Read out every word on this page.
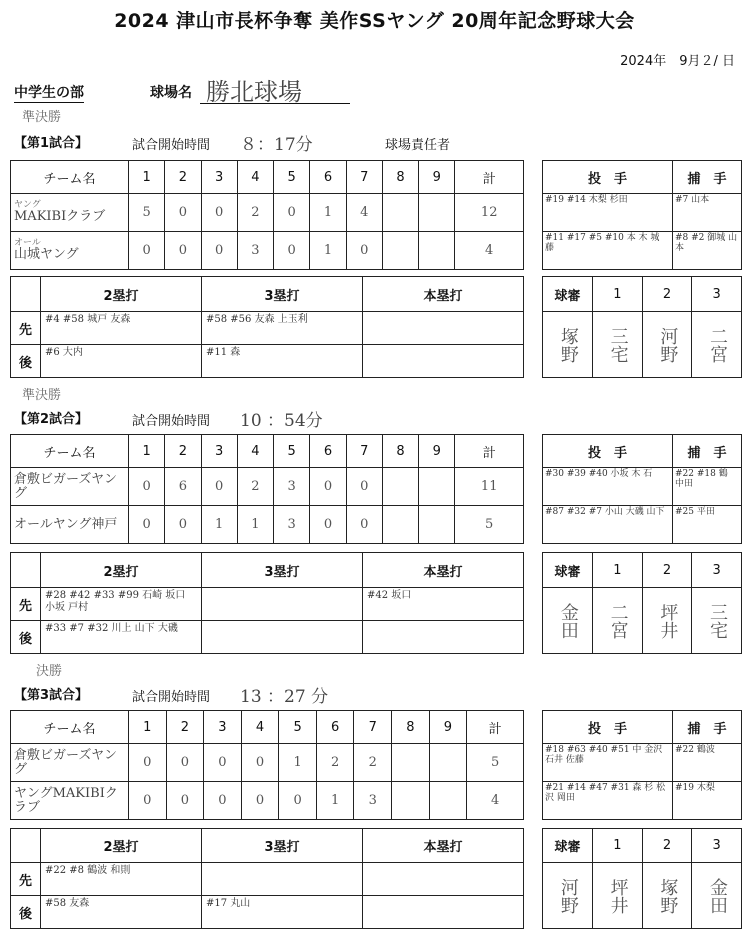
2024 津山市長杯争奪 美作SSヤング 20周年記念野球大会
2024年　9月２/ 日
中学生の部	球場名 勝北球場
準決勝
【第1試合】	試合開始時間 ８：17分	球場責任者
チーム名	1	2	3	4	5	6	7	8	9	計

ヤング
MAKIBIクラブ	5	0	0	2	0	1	4			12

オール
山城ヤング	0	0	0	3	0	1	0			4
投　手	捕　手
#19 #14 木梨 杉田	#7 山本
#11 #17 #5 #10 本 木 城 藤	#8 #2 御城 山本
	2塁打	3塁打	本塁打
先	#4 #58 城戸 友森	#58 #56 友森 上玉利	
後	#6 大内	#11 森	
球審	1	2	3

塚野	三宅	河野	二宮
準決勝
【第2試合】	試合開始時間 10 ：54分
チーム名	1	2	3	4	5	6	7	8	9	計

倉敷ビガーズヤング	0	6	0	2	3	0	0			11

オールヤング神戸	0	0	1	1	3	0	0			5
投　手	捕　手
#30 #39 #40 小坂 木 石	#22 #18 鶴 中田
#87 #32 #7 小山 大磯 山下	#25 平田
	2塁打	3塁打	本塁打
先	#28 #42 #33 #99 石崎 坂口 小坂 戸村		#42 坂口
後	#33 #7 #32 川上 山下 大磯		
球審	1	2	3

金田	二宮	坪井	三宅
決勝
【第3試合】	試合開始時間 13 ：27 分
チーム名	1	2	3	4	5	6	7	8	9	計

倉敷ビガーズヤング	0	0	0	0	1	2	2			5

ヤングMAKIBIクラブ	0	0	0	0	0	1	3			4
投　手	捕　手
#18 #63 #40 #51 中 金沢 石井 佐藤	#22 鶴波
#21 #14 #47 #31 森 杉 松沢 岡田	#19 木梨
	2塁打	3塁打	本塁打
先	#22 #8 鶴波 和則		
後	#58 友森	#17 丸山	
球審	1	2	3

河野	坪井	塚野	金田
